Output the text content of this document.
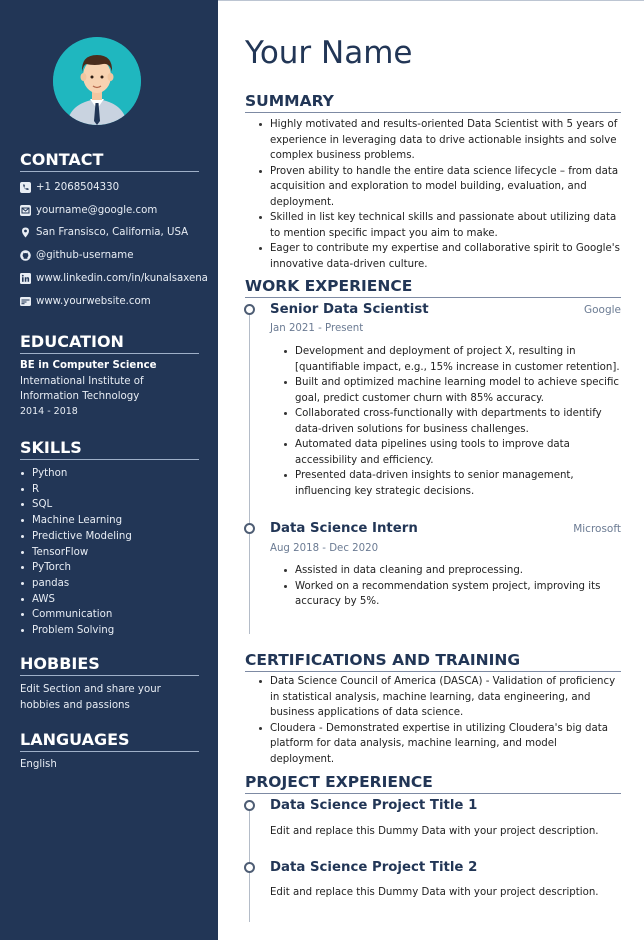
CONTACT
+1 2068504330
yourname@google.com
San Fransisco, California, USA
@github-username
www.linkedin.com/in/kunalsaxena
www.yourwebsite.com
EDUCATION
BE in Computer Science
International Institute of Information Technology
2014 - 2018
SKILLS
Python
R
SQL
Machine Learning
Predictive Modeling
TensorFlow
PyTorch
pandas
AWS
Communication
Problem Solving
HOBBIES
Edit Section and share your hobbies and passions
LANGUAGES
English
Your Name
SUMMARY
Highly motivated and results-oriented Data Scientist with 5 years of experience in leveraging data to drive actionable insights and solve complex business problems.
Proven ability to handle the entire data science lifecycle – from data acquisition and exploration to model building, evaluation, and deployment.
Skilled in list key technical skills and passionate about utilizing data to mention specific impact you aim to make.
Eager to contribute my expertise and collaborative spirit to Google's innovative data-driven culture.
WORK EXPERIENCE
Senior Data Scientist	Google
Jan 2021 - Present
Development and deployment of project X, resulting in [quantifiable impact, e.g., 15% increase in customer retention].
Built and optimized machine learning model to achieve specific goal, predict customer churn with 85% accuracy.
Collaborated cross-functionally with departments to identify data-driven solutions for business challenges.
Automated data pipelines using tools to improve data accessibility and efficiency.
Presented data-driven insights to senior management, influencing key strategic decisions.
Data Science Intern	Microsoft
Aug 2018 - Dec 2020
Assisted in data cleaning and preprocessing.
Worked on a recommendation system project, improving its accuracy by 5%.
CERTIFICATIONS AND TRAINING
Data Science Council of America (DASCA) - Validation of proficiency in statistical analysis, machine learning, data engineering, and business applications of data science.
Cloudera - Demonstrated expertise in utilizing Cloudera's big data platform for data analysis, machine learning, and model deployment.
PROJECT EXPERIENCE
Data Science Project Title 1
Edit and replace this Dummy Data with your project description.
Data Science Project Title 2
Edit and replace this Dummy Data with your project description.
